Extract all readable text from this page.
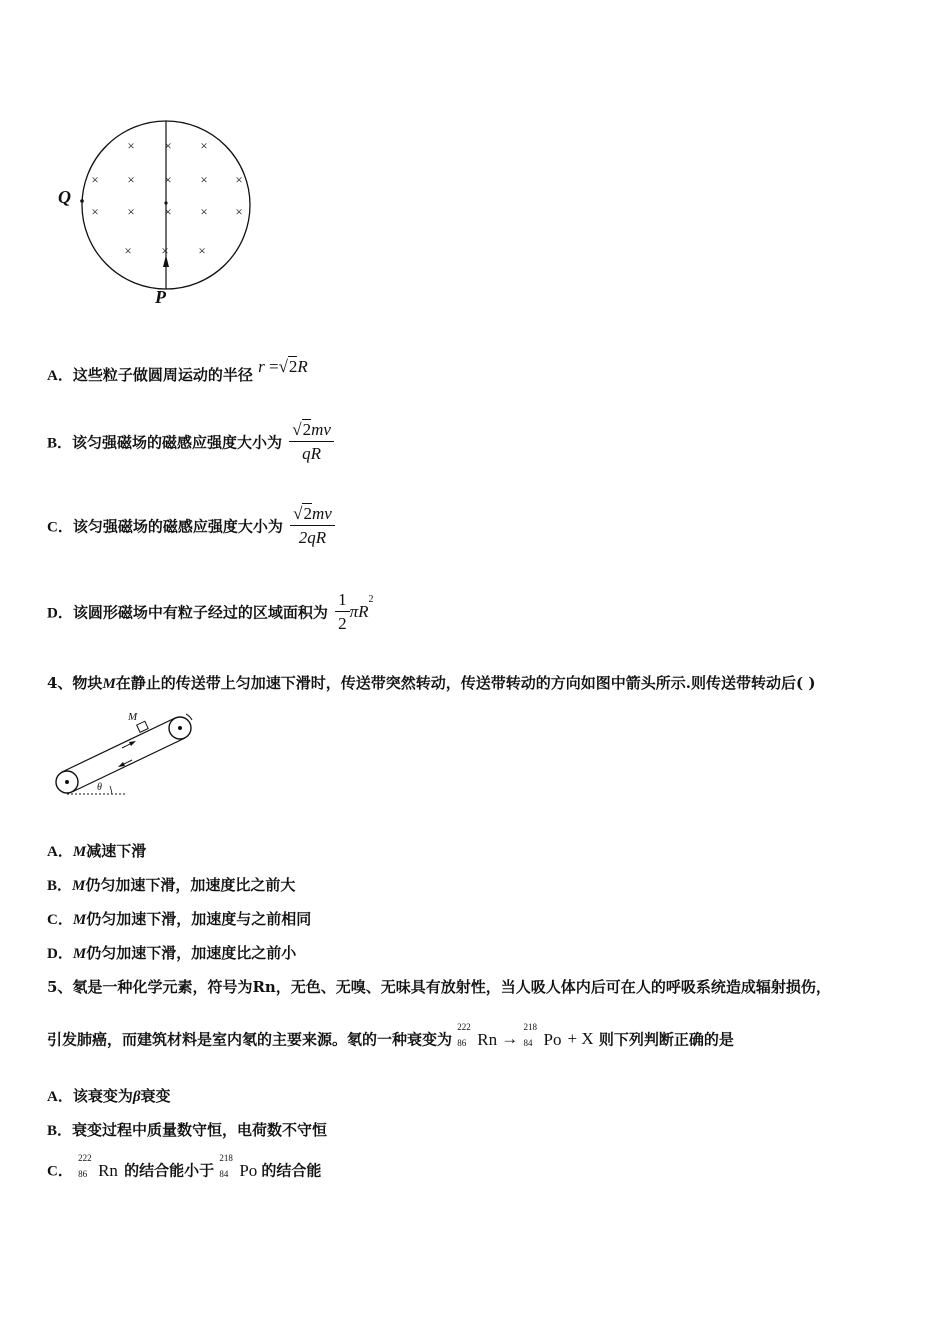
× × ×
× × × × ×
× × × × ×
× × ×
Q
P
A．这些粒子做圆周运动的半径 r =√2R
B．该匀强磁场的磁感应强度大小为 $\frac{√2mv}{qR}$
C．该匀强磁场的磁感应强度大小为 $\frac{√2mv}{2qR}$
D．该圆形磁场中有粒子经过的区域面积为 $\frac{1}{2} \pi R^2$
4、物块M在静止的传送带上匀加速下滑时，传送带突然转动，传送带转动的方向如图中箭头所示.则传送带转动后( )
M
θ
A．M减速下滑
B．M仍匀加速下滑，加速度比之前大
C．M仍匀加速下滑，加速度与之前相同
D．M仍匀加速下滑，加速度比之前小
5、氡是一种化学元素，符号为Rn，无色、无嗅、无味具有放射性，当人吸人体内后可在人的呼吸系统造成辐射损伤，
引发肺癌，而建筑材料是室内氡的主要来源。氡的一种衰变为
222
86 Rn →
218
84 Po + X 则下列判断正确的是
A．该衰变为β衰变
B．衰变过程中质量数守恒，电荷数不守恒
C．
222
86 Rn 的结合能小于
218
84 Po 的结合能
